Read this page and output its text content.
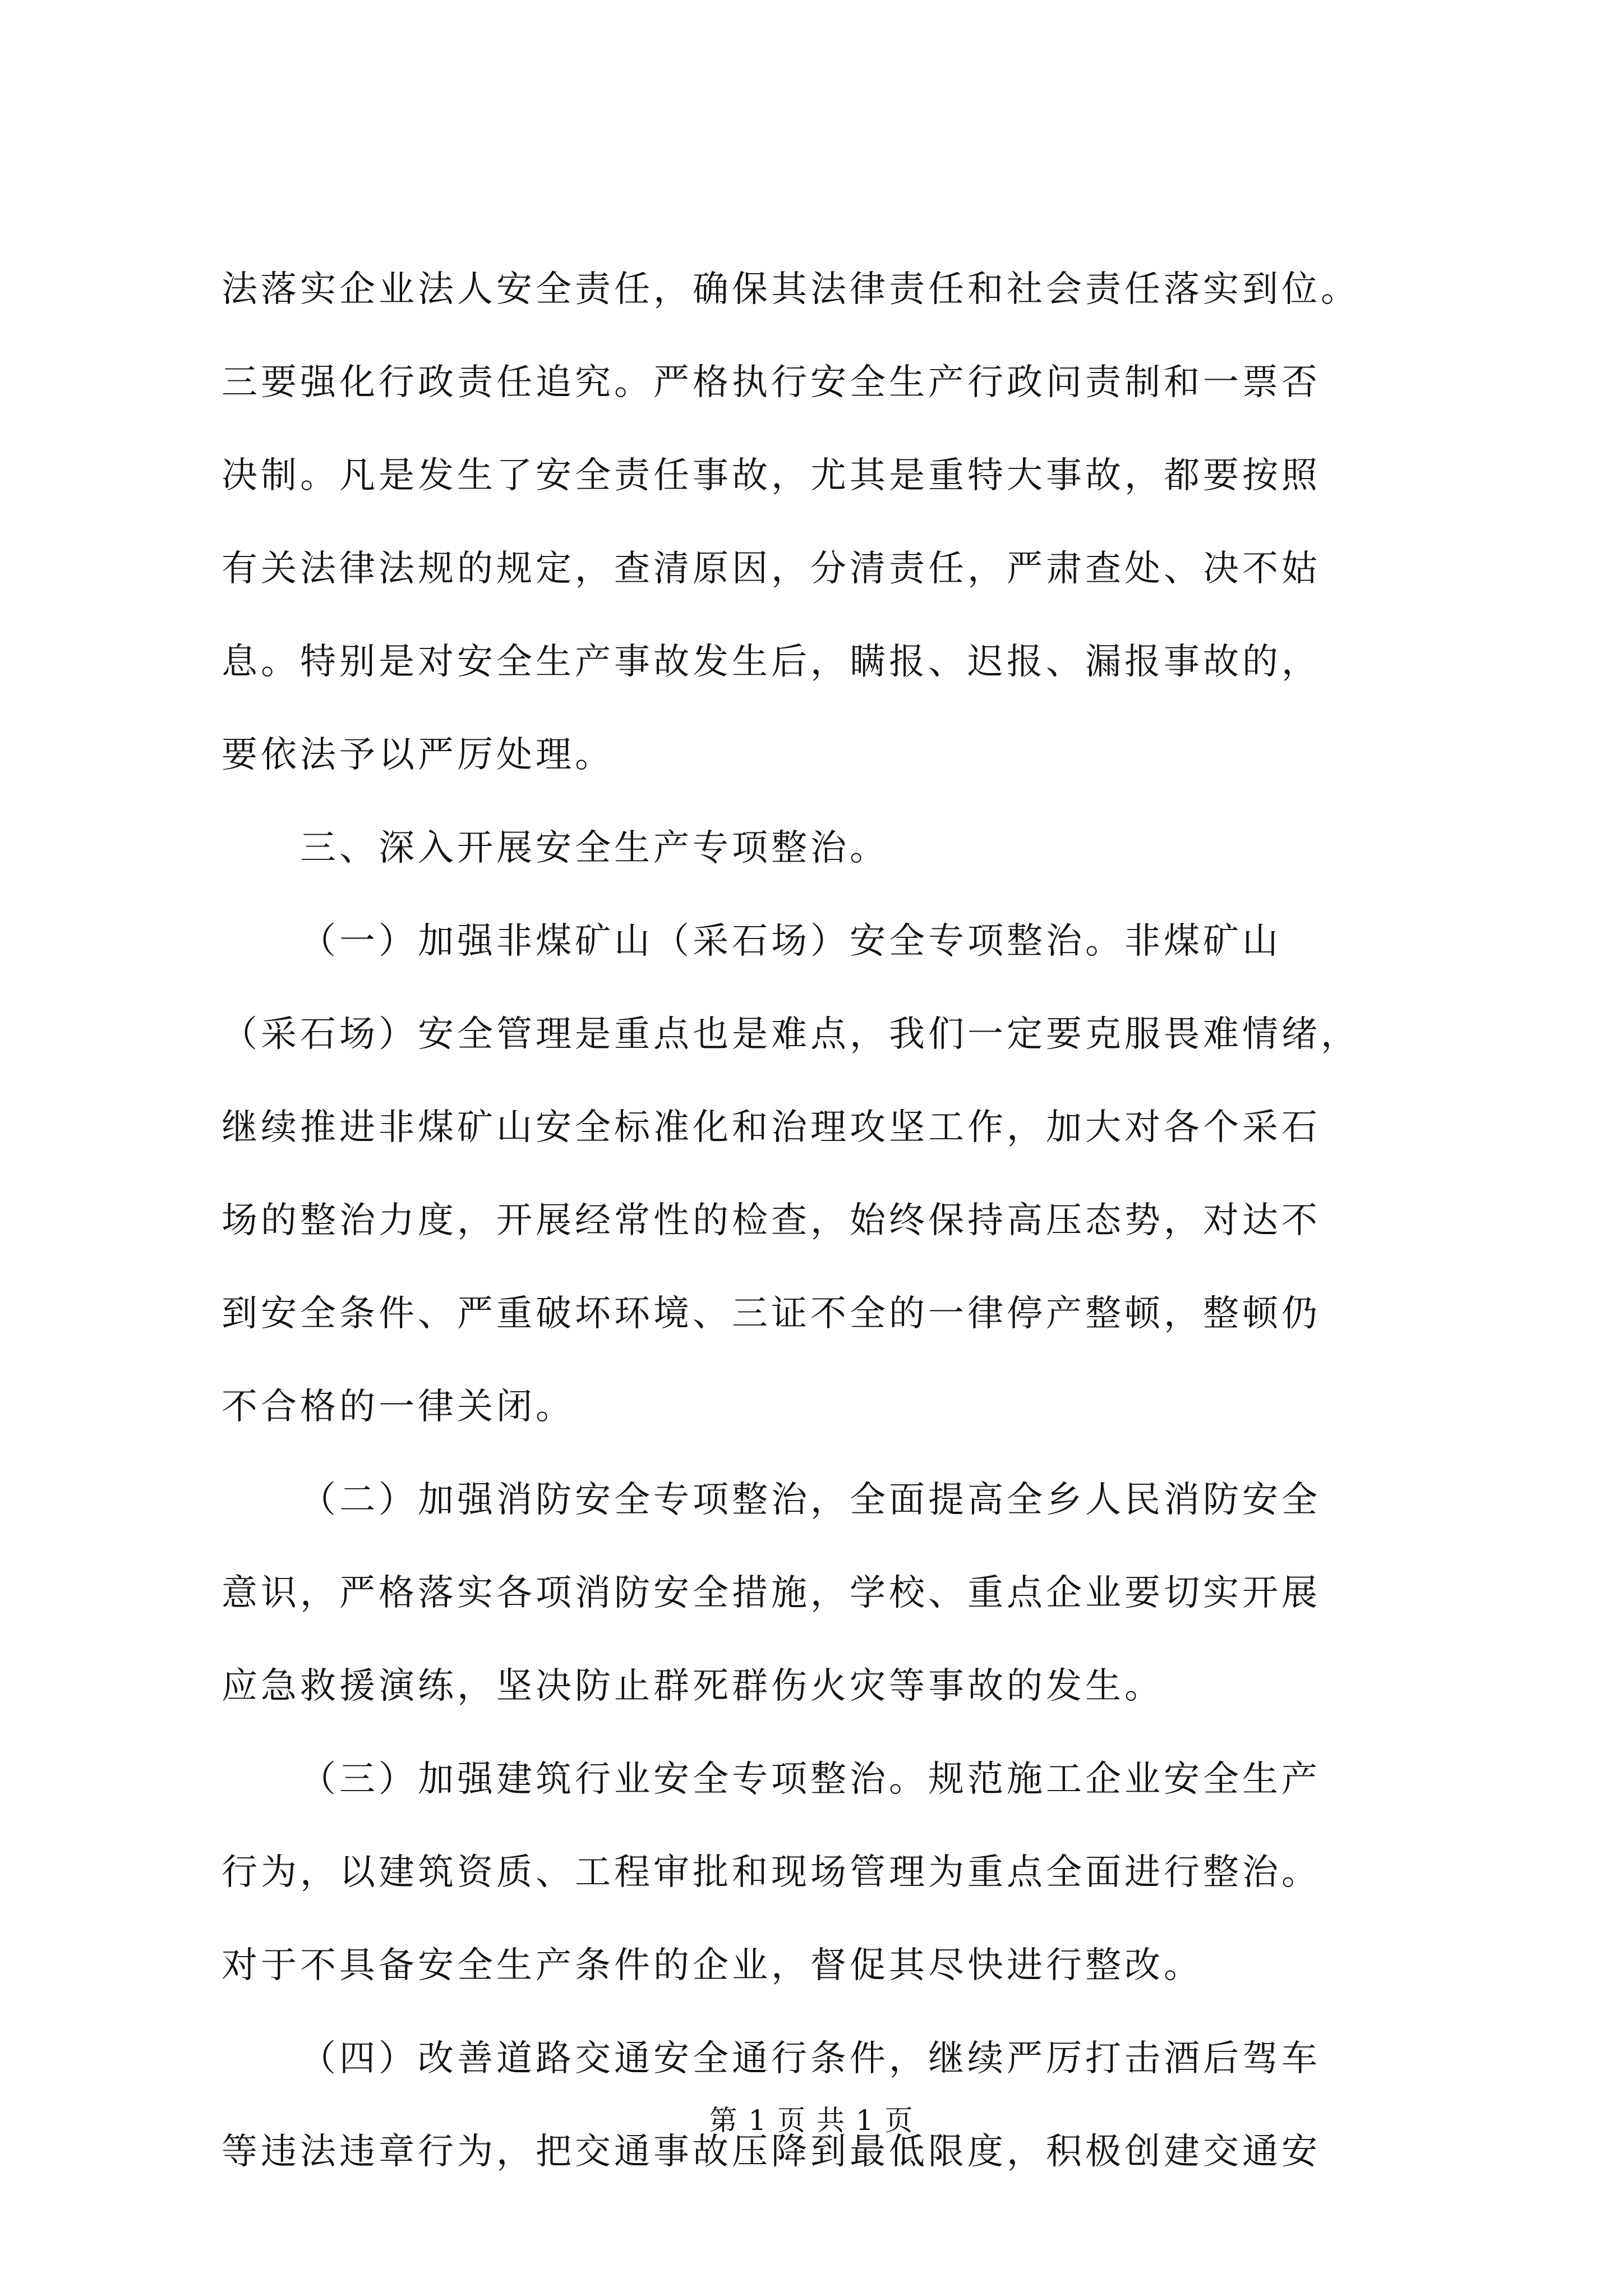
法落实企业法人安全责任，确保其法律责任和社会责任落实到位。
三要强化行政责任追究。严格执行安全生产行政问责制和一票否
决制。凡是发生了安全责任事故，尤其是重特大事故，都要按照
有关法律法规的规定，查清原因，分清责任，严肃查处、决不姑
息。特别是对安全生产事故发生后，瞒报、迟报、漏报事故的，
要依法予以严厉处理。
三、深入开展安全生产专项整治。
（一）加强非煤矿山（采石场）安全专项整治。非煤矿山
（采石场）安全管理是重点也是难点，我们一定要克服畏难情绪，
继续推进非煤矿山安全标准化和治理攻坚工作，加大对各个采石
场的整治力度，开展经常性的检查，始终保持高压态势，对达不
到安全条件、严重破坏环境、三证不全的一律停产整顿，整顿仍
不合格的一律关闭。
（二）加强消防安全专项整治，全面提高全乡人民消防安全
意识，严格落实各项消防安全措施，学校、重点企业要切实开展
应急救援演练，坚决防止群死群伤火灾等事故的发生。
（三）加强建筑行业安全专项整治。规范施工企业安全生产
行为，以建筑资质、工程审批和现场管理为重点全面进行整治。
对于不具备安全生产条件的企业，督促其尽快进行整改。
（四）改善道路交通安全通行条件，继续严厉打击酒后驾车
等违法违章行为，把交通事故压降到最低限度，积极创建交通安
第 1 页 共 1 页
